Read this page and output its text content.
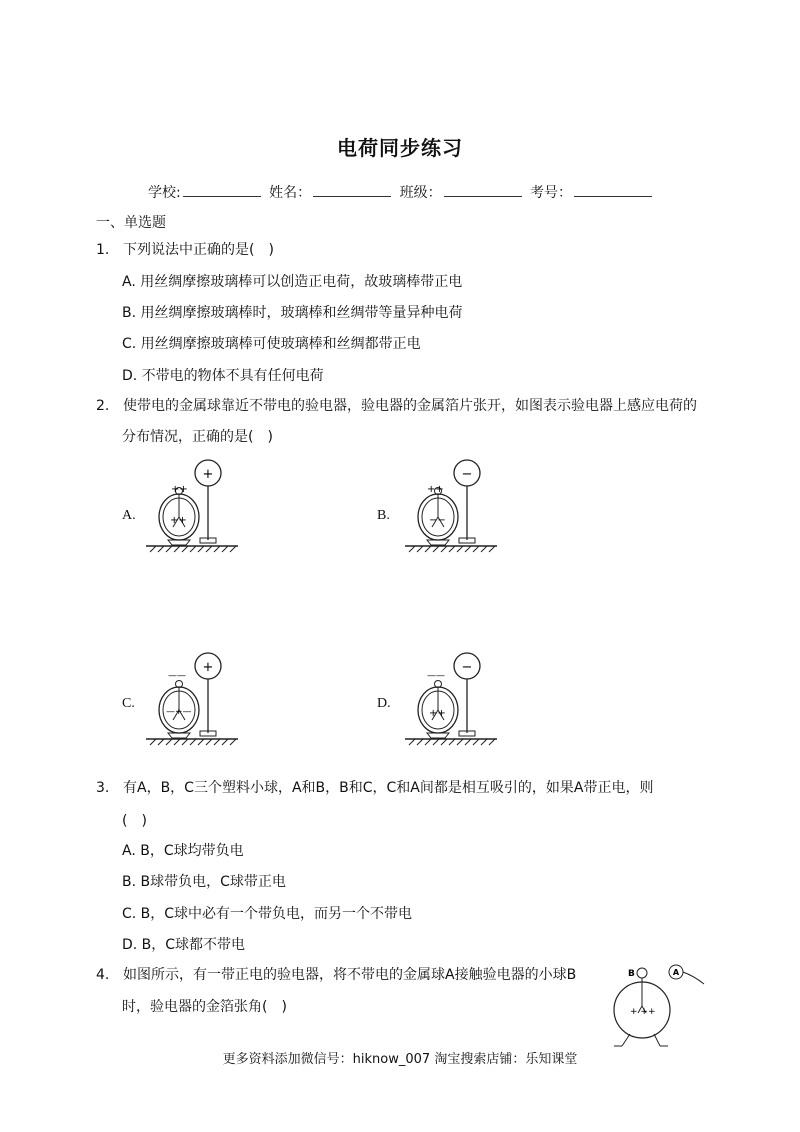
电荷同步练习
学校:	姓名：	班级：	考号：
一、单选题
1. 下列说法中正确的是(　)
A. 用丝绸摩擦玻璃棒可以创造正电荷，故玻璃棒带正电
B. 用丝绸摩擦玻璃棒时，玻璃棒和丝绸带等量异种电荷
C. 用丝绸摩擦玻璃棒可使玻璃棒和丝绸都带正电
D. 不带电的物体不具有任何电荷
2. 使带电的金属球靠近不带电的验电器，验电器的金属箔片张开，如图表示验电器上感应电荷的
分布情况，正确的是(　)
A.	B.
C.	D.
+
++
++
−
++
−−
+
——
—+—
−
——
++
3. 有A，B，C三个塑料小球，A和B，B和C，C和A间都是相互吸引的，如果A带正电，则
(　)
A. B，C球均带负电
B. B球带负电，C球带正电
C. B，C球中必有一个带负电，而另一个不带电
D. B，C球都不带电
4. 如图所示，有一带正电的验电器，将不带电的金属球A接触验电器的小球B
时，验电器的金箔张角(　)
B
+ ++
A
更多资料添加微信号：hiknow_007 淘宝搜索店铺：乐知课堂
